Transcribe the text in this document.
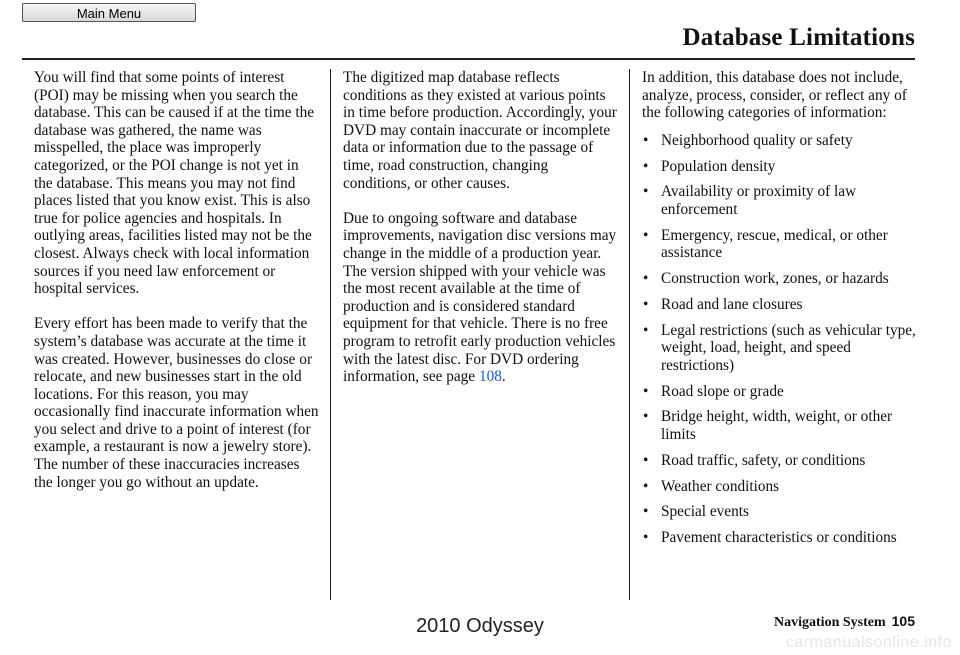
Main Menu
Database Limitations

You will find that some points of interest (POI) may be missing when you search the database. This can be caused if at the time the database was gathered, the name was misspelled, the place was improperly categorized, or the POI change is not yet in the database. This means you may not find places listed that you know exist. This is also true for police agencies and hospitals. In outlying areas, facilities listed may not be the closest. Always check with local information sources if you need law enforcement or hospital services.

Every effort has been made to verify that the system’s database was accurate at the time it was created. However, businesses do close or relocate, and new businesses start in the old locations. For this reason, you may occasionally find inaccurate information when you select and drive to a point of interest (for example, a restaurant is now a jewelry store). The number of these inaccuracies increases the longer you go without an update.

The digitized map database reflects conditions as they existed at various points in time before production. Accordingly, your DVD may contain inaccurate or incomplete data or information due to the passage of time, road construction, changing conditions, or other causes.

Due to ongoing software and database improvements, navigation disc versions may change in the middle of a production year. The version shipped with your vehicle was the most recent available at the time of production and is considered standard equipment for that vehicle. There is no free program to retrofit early production vehicles with the latest disc. For DVD ordering information, see page 108.

In addition, this database does not include, analyze, process, consider, or reflect any of the following categories of information:

• Neighborhood quality or safety
• Population density
• Availability or proximity of law enforcement
• Emergency, rescue, medical, or other assistance
• Construction work, zones, or hazards
• Road and lane closures
• Legal restrictions (such as vehicular type, weight, load, height, and speed restrictions)
• Road slope or grade
• Bridge height, width, weight, or other limits
• Road traffic, safety, or conditions
• Weather conditions
• Special events
• Pavement characteristics or conditions
Navigation System 105
2010 Odyssey
carmanualsonline.info
